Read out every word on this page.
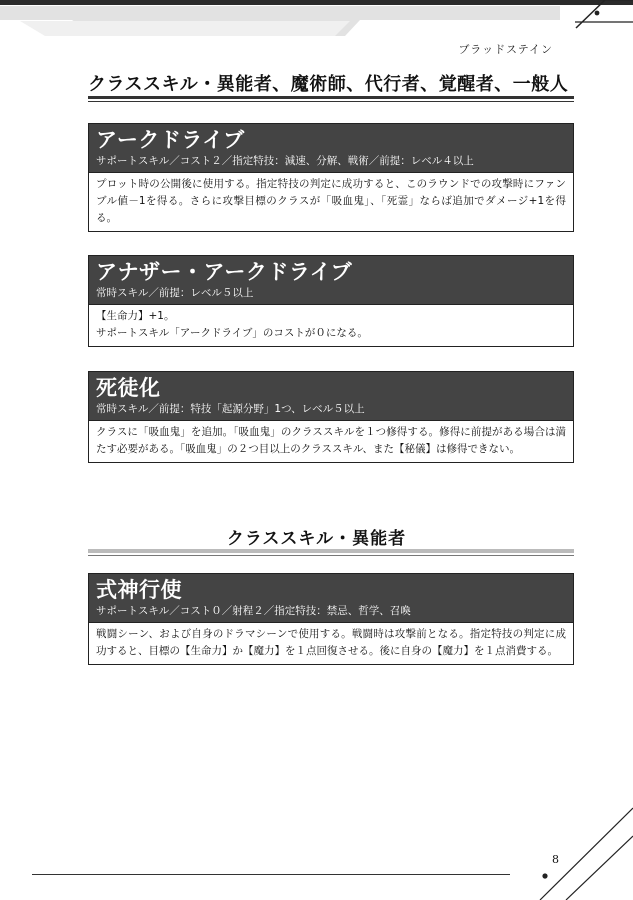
ブラッドステイン
クラススキル・異能者、魔術師、代行者、覚醒者、一般人
アークドライブ
サポートスキル／コスト２／指定特技：減速、分解、戦術／前提：レベル４以上
プロット時の公開後に使用する。指定特技の判定に成功すると、このラウンドでの攻撃時にファンブル値－1を得る。さらに攻撃目標のクラスが「吸血鬼」、「死霊」ならば追加でダメージ+1を得る。
アナザー・アークドライブ
常時スキル／前提：レベル５以上
【生命力】+1。
サポートスキル「アークドライブ」のコストが０になる。
死徒化
常時スキル／前提：特技「起源分野」1つ、レベル５以上
クラスに「吸血鬼」を追加。「吸血鬼」のクラススキルを１つ修得する。修得に前提がある場合は満たす必要がある。「吸血鬼」の２つ目以上のクラススキル、また【秘儀】は修得できない。
クラススキル・異能者
式神行使
サポートスキル／コスト０／射程２／指定特技：禁忌、哲学、召喚
戦闘シーン、および自身のドラマシーンで使用する。戦闘時は攻撃前となる。指定特技の判定に成功すると、目標の【生命力】か【魔力】を１点回復させる。後に自身の【魔力】を１点消費する。
8
